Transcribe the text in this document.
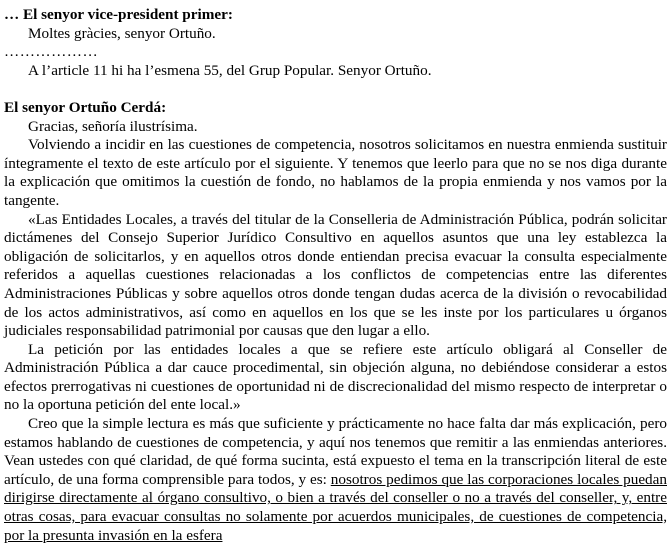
… El senyor vice-president primer:

Moltes gràcies, senyor Ortuño.

………………

A l’article 11 hi ha l’esmena 55, del Grup Popular. Senyor Ortuño.

El senyor Ortuño Cerdá:

Gracias, señoría ilustrísima.

Volviendo a incidir en las cuestiones de competencia, nosotros solicitamos en nuestra enmienda sustituir íntegramente el texto de este artículo por el siguiente. Y tenemos que leerlo para que no se nos diga durante la explicación que omitimos la cuestión de fondo, no hablamos de la propia enmienda y nos vamos por la tangente.

«Las Entidades Locales, a través del titular de la Conselleria de Administración Pública, podrán solicitar dictámenes del Consejo Superior Jurídico Consultivo en aquellos asuntos que una ley establezca la obligación de solicitarlos, y en aquellos otros donde entiendan precisa evacuar la consulta especialmente referidos a aquellas cuestiones relacionadas a los conflictos de competencias entre las diferentes Administraciones Públicas y sobre aquellos otros donde tengan dudas acerca de la división o revocabilidad de los actos administrativos, así como en aquellos en los que se les inste por los particulares u órganos judiciales responsabilidad patrimonial por causas que den lugar a ello.

La petición por las entidades locales a que se refiere este artículo obligará al Conseller de Administración Pública a dar cauce procedimental, sin objeción alguna, no debiéndose considerar a estos efectos prerrogativas ni cuestiones de oportunidad ni de discrecionalidad del mismo respecto de interpretar o no la oportuna petición del ente local.»

Creo que la simple lectura es más que suficiente y prácticamente no hace falta dar más explicación, pero estamos hablando de cuestiones de competencia, y aquí nos tenemos que remitir a las enmiendas anteriores. Vean ustedes con qué claridad, de qué forma sucinta, está expuesto el tema en la transcripción literal de este artículo, de una forma comprensible para todos, y es: nosotros pedimos que las corporaciones locales puedan dirigirse directamente al órgano consultivo, o bien a través del conseller o no a través del conseller, y, entre otras cosas, para evacuar consultas no solamente por acuerdos municipales, de cuestiones de competencia, por la presunta invasión en la esfera
